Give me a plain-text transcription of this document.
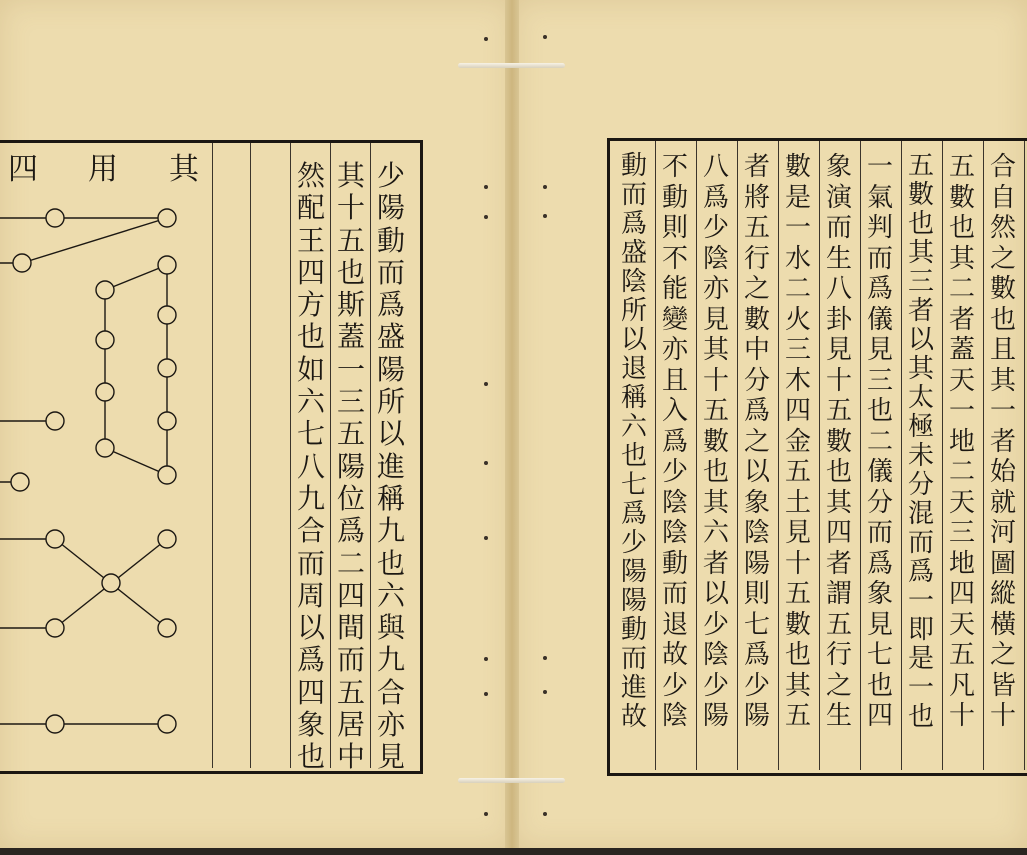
其
用
四	少
陽
動
而
爲
盛
陽
所
以
進
稱
九
也
六
與
九
合
亦
見
其
十
五
也
斯
蓋
一
三
五
陽
位
爲
二
四
間
而
五
居
中
然
配
王
四
方
也
如
六
七
八
九
合
而
周
以
爲
四
象
也
合
自
然
之
數
也
且
其
一
者
始
就
河
圖
縱
橫
之
皆
十
五
數
也
其
二
者
蓋
天
一
地
二
天
三
地
四
天
五
凡
十
五
數
也
其
三
者
以
其
太
極
未
分
混
而
爲
一
即
是
一
也
一
氣
判
而
爲
儀
見
三
也
二
儀
分
而
爲
象
見
七
也
四
象
演
而
生
八
卦
見
十
五
數
也
其
四
者
謂
五
行
之
生
數
是
一
水
二
火
三
木
四
金
五
土
見
十
五
數
也
其
五
者
將
五
行
之
數
中
分
爲
之
以
象
陰
陽
則
七
爲
少
陽
八
爲
少
陰
亦
見
其
十
五
數
也
其
六
者
以
少
陰
少
陽
不
動
則
不
能
變
亦
且
入
爲
少
陰
陰
動
而
退
故
少
陰
動
而
爲
盛
陰
所
以
退
稱
六
也
七
爲
少
陽
陽
動
而
進
故
